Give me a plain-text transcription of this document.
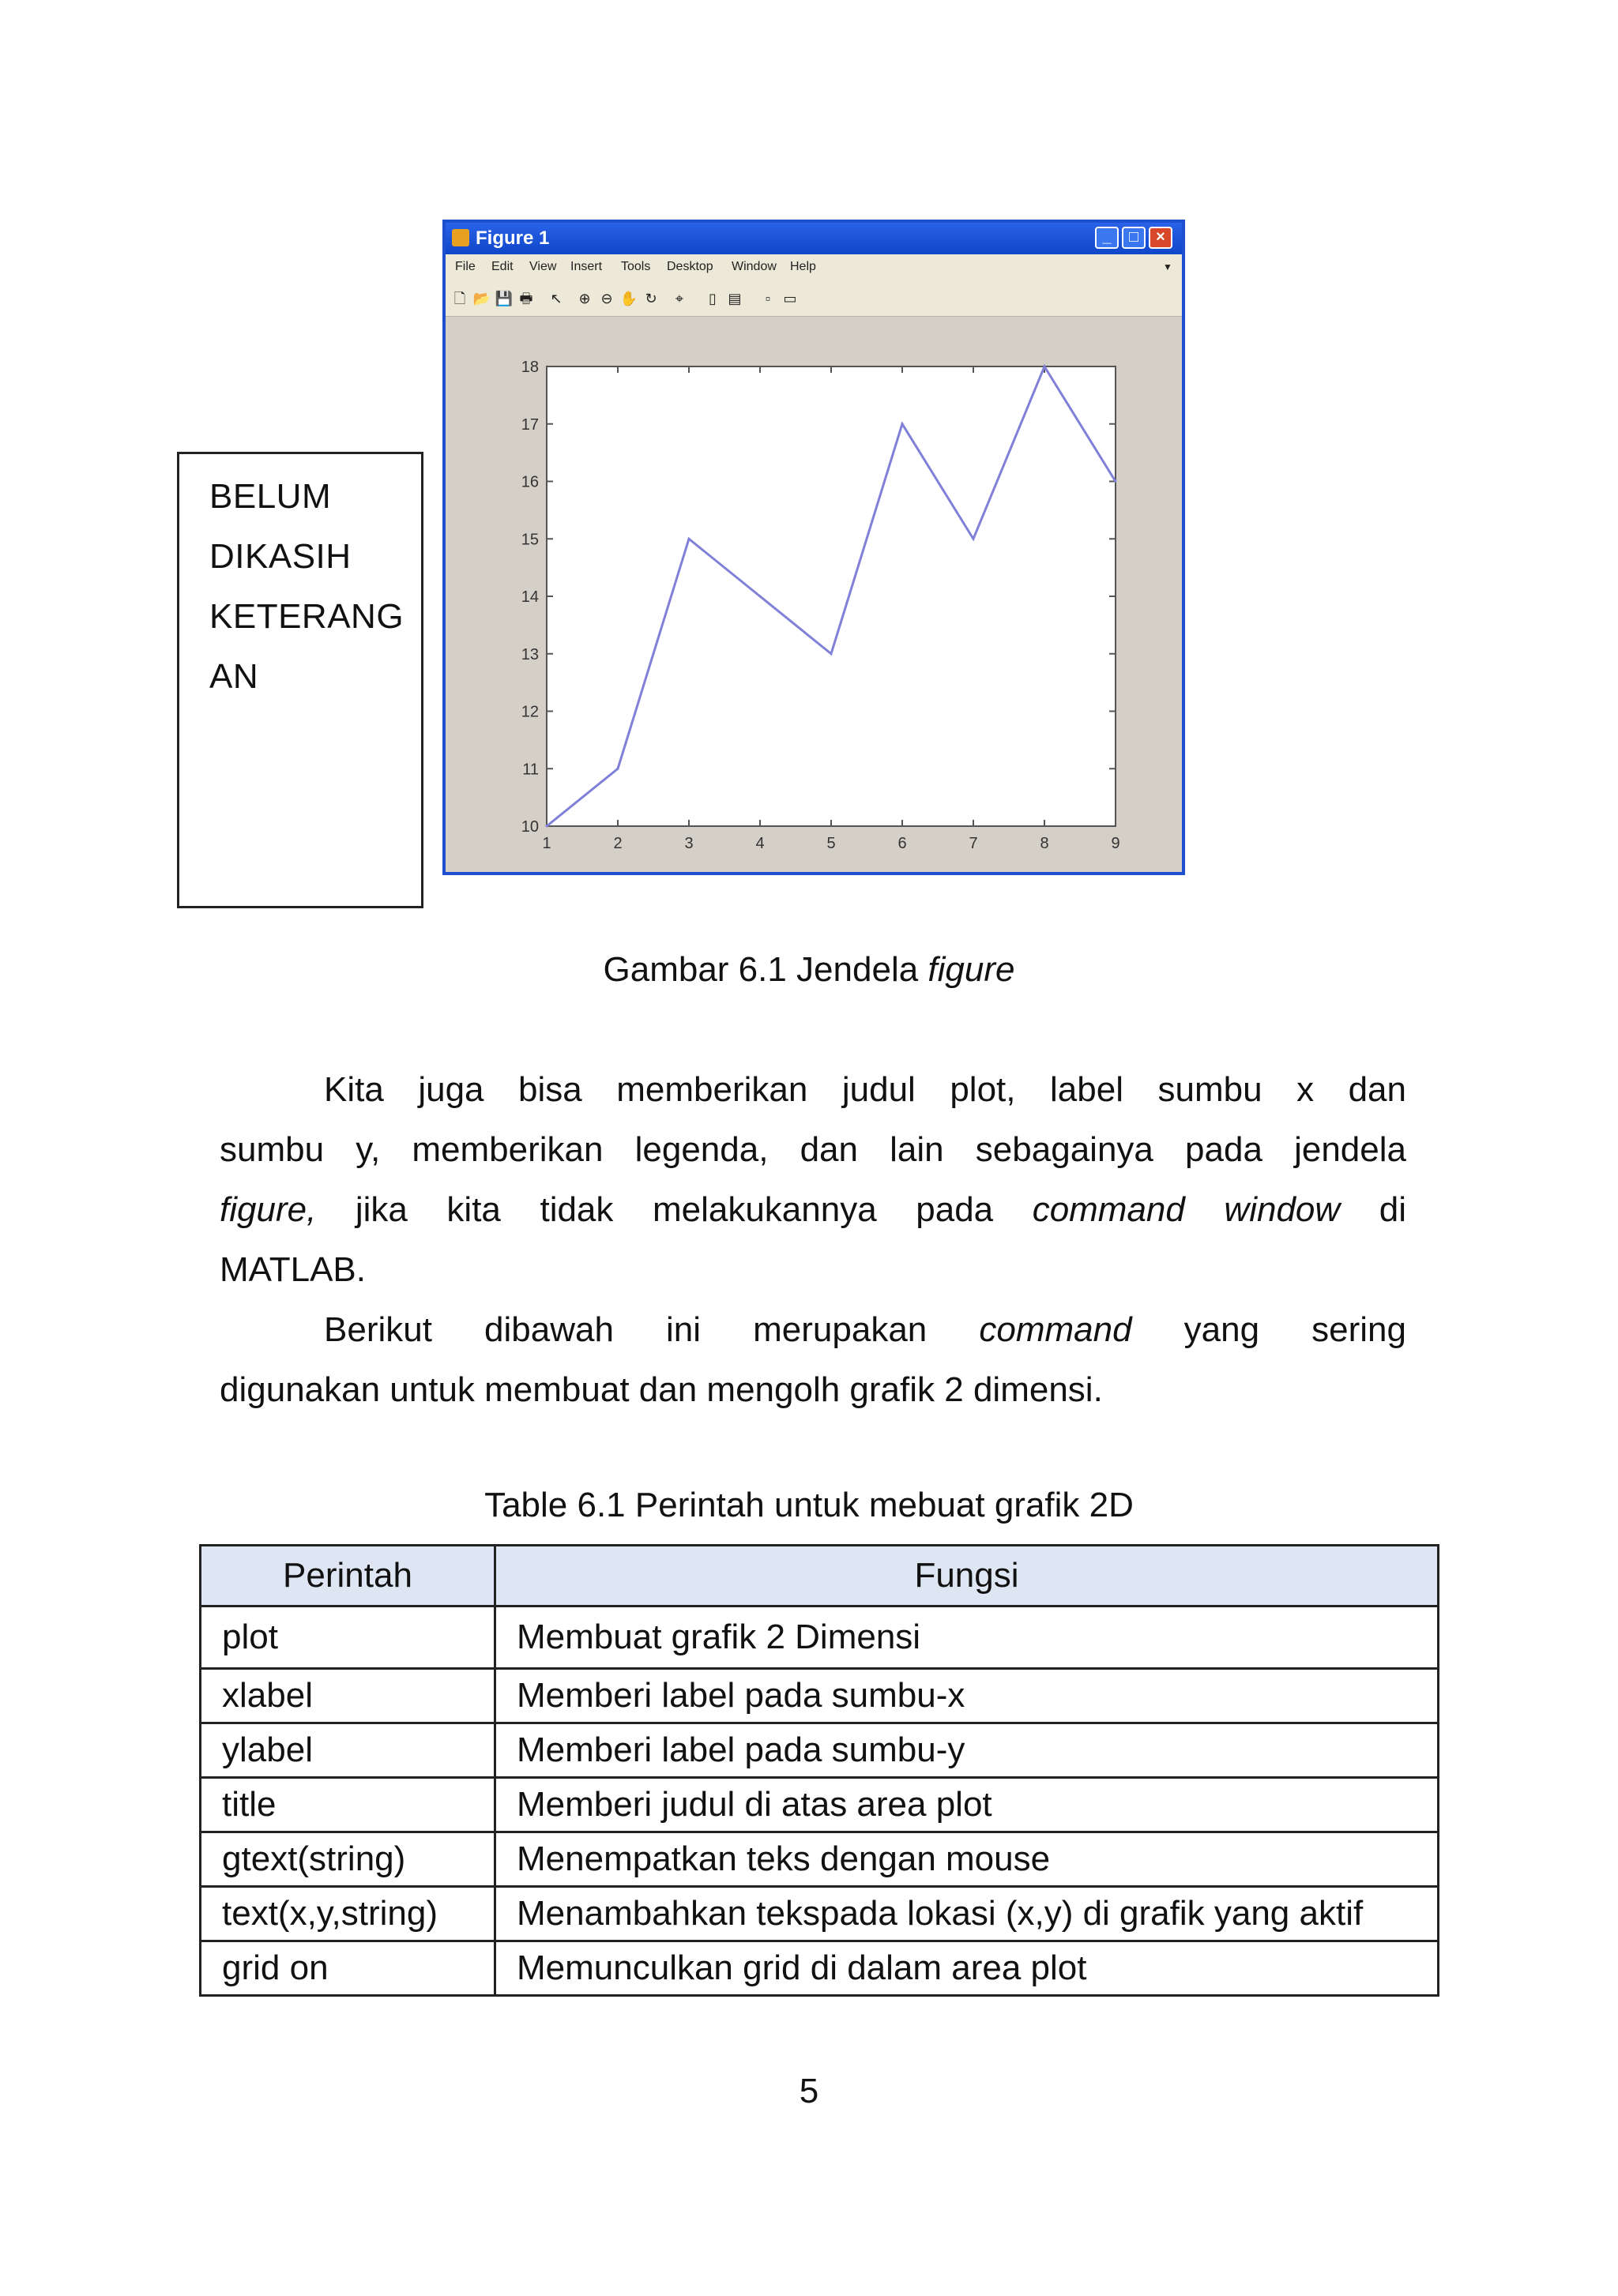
BELUM
DIKASIH
KETERANG
AN
Figure 1	_	□	×
File Edit View Insert Tools Desktop Window Help	▼
🗋 📂 💾 🖶 ↖ ⊕ ⊖ ✋ ↻	⌖	▯ ▤	▫ ▭
1	2	3	4	5	6	7	8	9
10
11
12
13
14
15
16
17
18
Gambar 6.1 Jendela figure
Kita juga bisa memberikan judul plot, label sumbu x dan
sumbu y, memberikan legenda, dan lain sebagainya pada jendela
figure, jika kita tidak melakukannya pada command window di
MATLAB.
Berikut dibawah ini merupakan command yang sering
digunakan untuk membuat dan mengolh grafik 2 dimensi.
Table 6.1 Perintah untuk mebuat grafik 2D
Perintah	Fungsi
plot	Membuat grafik 2 Dimensi
xlabel	Memberi label pada sumbu-x
ylabel	Memberi label pada sumbu-y
title	Memberi judul di atas area plot
gtext(string)	Menempatkan teks dengan mouse
text(x,y,string)	Menambahkan tekspada lokasi (x,y) di grafik yang aktif
grid on	Memunculkan grid di dalam area plot
5
